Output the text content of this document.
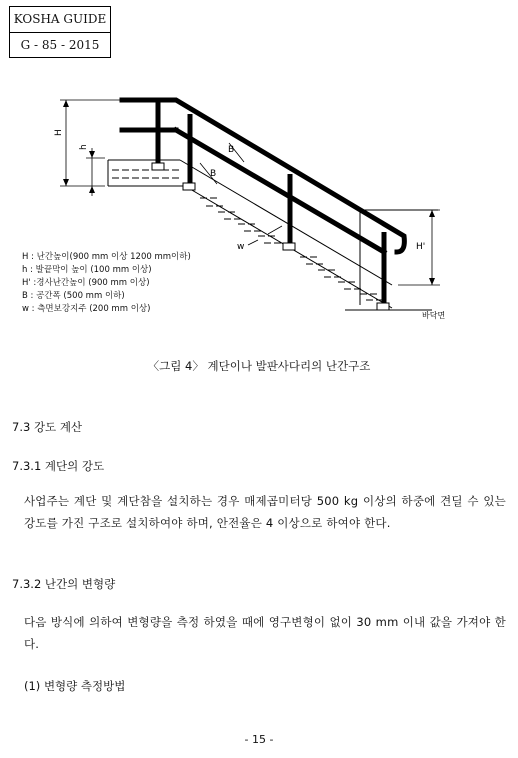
KOSHA GUIDE
G - 85 - 2015
H
h	B
B
w	H'
바닥면
H : 난간높이(900 mm 이상 1200 mm이하)
h : 발끝막이 높이 (100 mm 이상)
H' :경사난간높이 (900 mm 이상)
B : 공간폭 (500 mm 이하)
w : 측면보강지주 (200 mm 이상)
〈그림 4〉 계단이나 발판사다리의 난간구조
7.3 강도 계산
7.3.1 계단의 강도
사업주는 계단 및 계단참을 설치하는 경우 매제곱미터당 500 kg 이상의 하중에 견딜 수 있는 강도를 가진 구조로 설치하여야 하며, 안전율은 4 이상으로 하여야 한다.
7.3.2 난간의 변형량
다음 방식에 의하여 변형량을 측정 하였을 때에 영구변형이 없이 30 mm 이내 값을 가져야 한다.
(1) 변형량 측정방법
- 15 -
